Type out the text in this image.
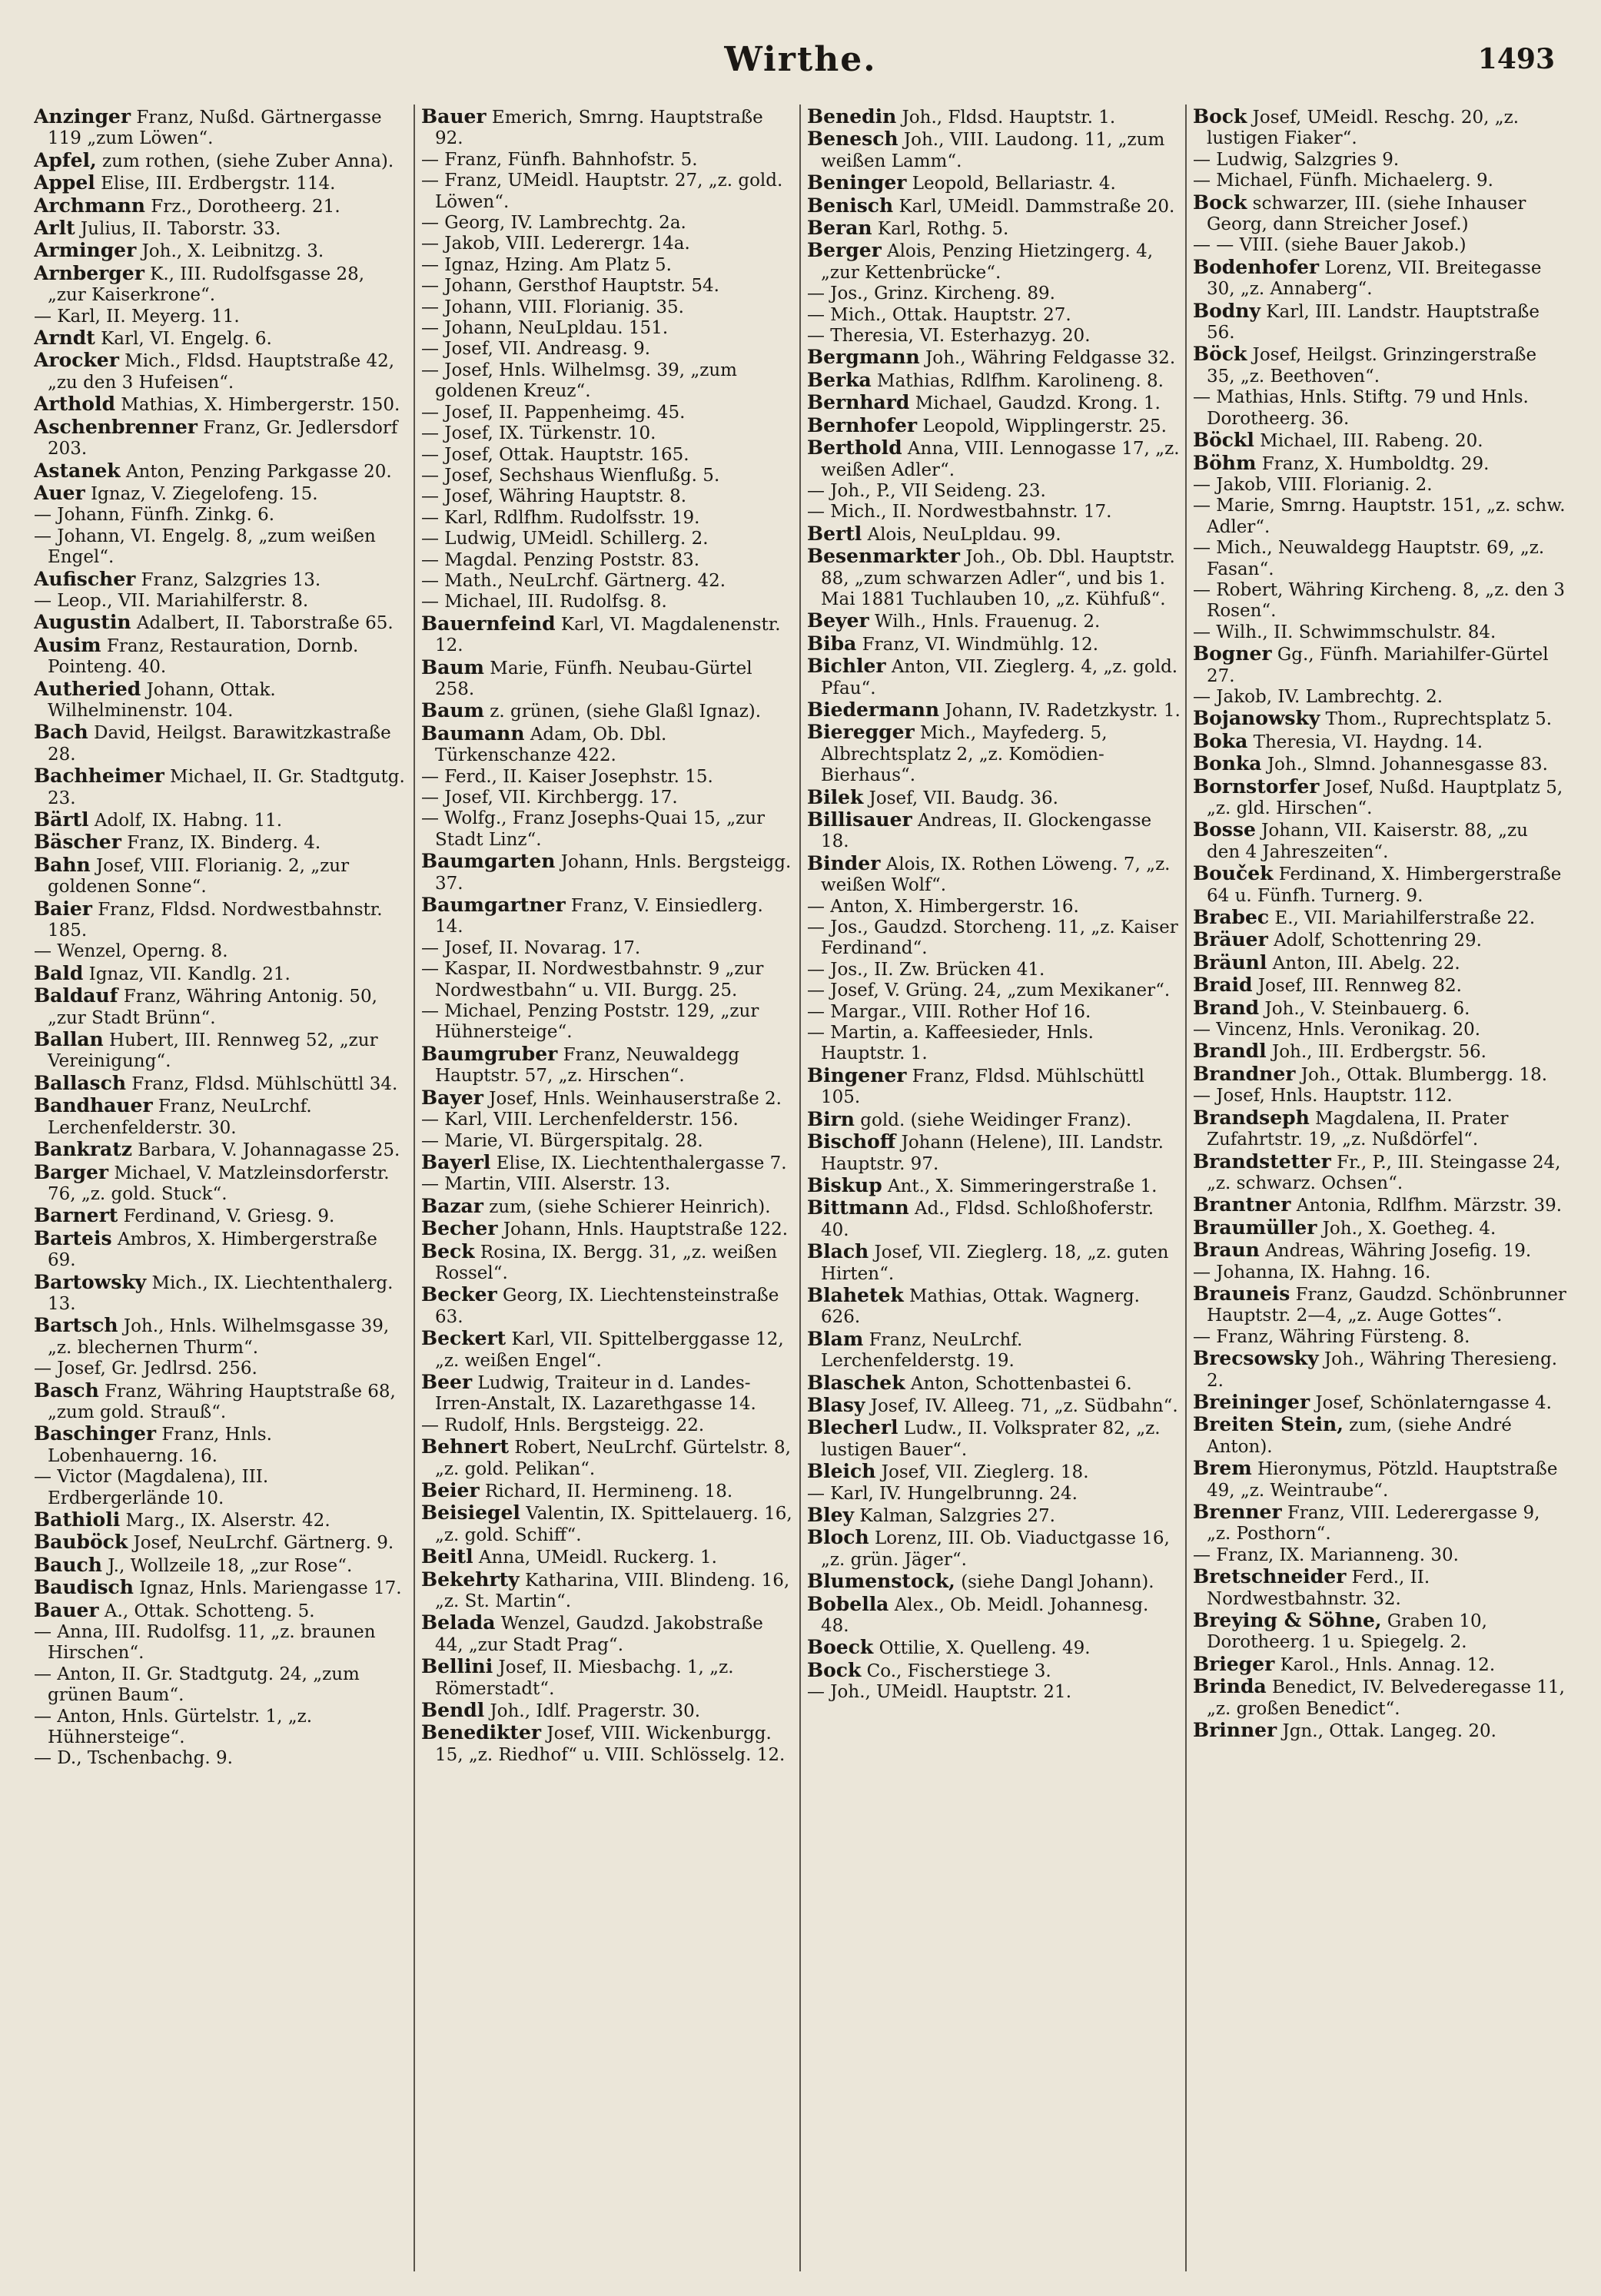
Wirthe.	1493
Anzinger Franz, Nußd. Gärtnergasse 119 „zum Löwen“.
Apfel, zum rothen, (siehe Zuber Anna).
Appel Elise, III. Erdbergstr. 114.
Archmann Frz., Dorotheerg. 21.
Arlt Julius, II. Taborstr. 33.
Arminger Joh., X. Leibnitzg. 3.
Arnberger K., III. Rudolfsgasse 28, „zur Kaiserkrone“.
— Karl, II. Meyerg. 11.
Arndt Karl, VI. Engelg. 6.
Arocker Mich., Fldsd. Hauptstraße 42, „zu den 3 Hufeisen“.
Arthold Mathias, X. Himbergerstr. 150.
Aschenbrenner Franz, Gr. Jedlersdorf 203.
Astanek Anton, Penzing Parkgasse 20.
Auer Ignaz, V. Ziegelofeng. 15.
— Johann, Fünfh. Zinkg. 6.
— Johann, VI. Engelg. 8, „zum weißen Engel“.
Aufischer Franz, Salzgries 13.
— Leop., VII. Mariahilferstr. 8.
Augustin Adalbert, II. Taborstraße 65.
Ausim Franz, Restauration, Dornb. Pointeng. 40.
Autheried Johann, Ottak. Wilhelminenstr. 104.
Bach David, Heilgst. Barawitzkastraße 28.
Bachheimer Michael, II. Gr. Stadtgutg. 23.
Bärtl Adolf, IX. Habng. 11.
Bäscher Franz, IX. Binderg. 4.
Bahn Josef, VIII. Florianig. 2, „zur goldenen Sonne“.
Baier Franz, Fldsd. Nordwestbahnstr. 185.
— Wenzel, Operng. 8.
Bald Ignaz, VII. Kandlg. 21.
Baldauf Franz, Währing Antonig. 50, „zur Stadt Brünn“.
Ballan Hubert, III. Rennweg 52, „zur Vereinigung“.
Ballasch Franz, Fldsd. Mühlschüttl 34.
Bandhauer Franz, NeuLrchf. Lerchenfelderstr. 30.
Bankratz Barbara, V. Johannagasse 25.
Barger Michael, V. Matzleinsdorferstr. 76, „z. gold. Stuck“.
Barnert Ferdinand, V. Griesg. 9.
Barteis Ambros, X. Himbergerstraße 69.
Bartowsky Mich., IX. Liechtenthalerg. 13.
Bartsch Joh., Hnls. Wilhelmsgasse 39, „z. blechernen Thurm“.
— Josef, Gr. Jedlrsd. 256.
Basch Franz, Währing Hauptstraße 68, „zum gold. Strauß“.
Baschinger Franz, Hnls. Lobenhauerng. 16.
— Victor (Magdalena), III. Erdbergerlände 10.
Bathioli Marg., IX. Alserstr. 42.
Bauböck Josef, NeuLrchf. Gärtnerg. 9.
Bauch J., Wollzeile 18, „zur Rose“.
Baudisch Ignaz, Hnls. Mariengasse 17.
Bauer A., Ottak. Schotteng. 5.
— Anna, III. Rudolfsg. 11, „z. braunen Hirschen“.
— Anton, II. Gr. Stadtgutg. 24, „zum grünen Baum“.
— Anton, Hnls. Gürtelstr. 1, „z. Hühnersteige“.
— D., Tschenbachg. 9.
Bauer Emerich, Smrng. Hauptstraße 92.
— Franz, Fünfh. Bahnhofstr. 5.
— Franz, UMeidl. Hauptstr. 27, „z. gold. Löwen“.
— Georg, IV. Lambrechtg. 2a.
— Jakob, VIII. Lederergr. 14a.
— Ignaz, Hzing. Am Platz 5.
— Johann, Gersthof Hauptstr. 54.
— Johann, VIII. Florianig. 35.
— Johann, NeuLpldau. 151.
— Josef, VII. Andreasg. 9.
— Josef, Hnls. Wilhelmsg. 39, „zum goldenen Kreuz“.
— Josef, II. Pappenheimg. 45.
— Josef, IX. Türkenstr. 10.
— Josef, Ottak. Hauptstr. 165.
— Josef, Sechshaus Wienflußg. 5.
— Josef, Währing Hauptstr. 8.
— Karl, Rdlfhm. Rudolfsstr. 19.
— Ludwig, UMeidl. Schillerg. 2.
— Magdal. Penzing Poststr. 83.
— Math., NeuLrchf. Gärtnerg. 42.
— Michael, III. Rudolfsg. 8.
Bauernfeind Karl, VI. Magdalenenstr. 12.
Baum Marie, Fünfh. Neubau-Gürtel 258.
Baum z. grünen, (siehe Glaßl Ignaz).
Baumann Adam, Ob. Dbl. Türkenschanze 422.
— Ferd., II. Kaiser Josephstr. 15.
— Josef, VII. Kirchbergg. 17.
— Wolfg., Franz Josephs-Quai 15, „zur Stadt Linz“.
Baumgarten Johann, Hnls. Bergsteigg. 37.
Baumgartner Franz, V. Einsiedlerg. 14.
— Josef, II. Novarag. 17.
— Kaspar, II. Nordwestbahnstr. 9 „zur Nordwestbahn“ u. VII. Burgg. 25.
— Michael, Penzing Poststr. 129, „zur Hühnersteige“.
Baumgruber Franz, Neuwaldegg Hauptstr. 57, „z. Hirschen“.
Bayer Josef, Hnls. Weinhauserstraße 2.
— Karl, VIII. Lerchenfelderstr. 156.
— Marie, VI. Bürgerspitalg. 28.
Bayerl Elise, IX. Liechtenthalergasse 7.
— Martin, VIII. Alserstr. 13.
Bazar zum, (siehe Schierer Heinrich).
Becher Johann, Hnls. Hauptstraße 122.
Beck Rosina, IX. Bergg. 31, „z. weißen Rossel“.
Becker Georg, IX. Liechtensteinstraße 63.
Beckert Karl, VII. Spittelberggasse 12, „z. weißen Engel“.
Beer Ludwig, Traiteur in d. Landes-Irren-Anstalt, IX. Lazarethgasse 14.
— Rudolf, Hnls. Bergsteigg. 22.
Behnert Robert, NeuLrchf. Gürtelstr. 8, „z. gold. Pelikan“.
Beier Richard, II. Hermineng. 18.
Beisiegel Valentin, IX. Spittelauerg. 16, „z. gold. Schiff“.
Beitl Anna, UMeidl. Ruckerg. 1.
Bekehrty Katharina, VIII. Blindeng. 16, „z. St. Martin“.
Belada Wenzel, Gaudzd. Jakobstraße 44, „zur Stadt Prag“.
Bellini Josef, II. Miesbachg. 1, „z. Römerstadt“.
Bendl Joh., Idlf. Pragerstr. 30.
Benedikter Josef, VIII. Wickenburgg. 15, „z. Riedhof“ u. VIII. Schlösselg. 12.
Benedin Joh., Fldsd. Hauptstr. 1.
Benesch Joh., VIII. Laudong. 11, „zum weißen Lamm“.
Beninger Leopold, Bellariastr. 4.
Benisch Karl, UMeidl. Dammstraße 20.
Beran Karl, Rothg. 5.
Berger Alois, Penzing Hietzingerg. 4, „zur Kettenbrücke“.
— Jos., Grinz. Kircheng. 89.
— Mich., Ottak. Hauptstr. 27.
— Theresia, VI. Esterhazyg. 20.
Bergmann Joh., Währing Feldgasse 32.
Berka Mathias, Rdlfhm. Karolineng. 8.
Bernhard Michael, Gaudzd. Krong. 1.
Bernhofer Leopold, Wipplingerstr. 25.
Berthold Anna, VIII. Lennogasse 17, „z. weißen Adler“.
— Joh., P., VII Seideng. 23.
— Mich., II. Nordwestbahnstr. 17.
Bertl Alois, NeuLpldau. 99.
Besenmarkter Joh., Ob. Dbl. Hauptstr. 88, „zum schwarzen Adler“, und bis 1. Mai 1881 Tuchlauben 10, „z. Kühfuß“.
Beyer Wilh., Hnls. Frauenug. 2.
Biba Franz, VI. Windmühlg. 12.
Bichler Anton, VII. Zieglerg. 4, „z. gold. Pfau“.
Biedermann Johann, IV. Radetzkystr. 1.
Bieregger Mich., Mayfederg. 5, Albrechtsplatz 2, „z. Komödien-Bierhaus“.
Bilek Josef, VII. Baudg. 36.
Billisauer Andreas, II. Glockengasse 18.
Binder Alois, IX. Rothen Löweng. 7, „z. weißen Wolf“.
— Anton, X. Himbergerstr. 16.
— Jos., Gaudzd. Storcheng. 11, „z. Kaiser Ferdinand“.
— Jos., II. Zw. Brücken 41.
— Josef, V. Grüng. 24, „zum Mexikaner“.
— Margar., VIII. Rother Hof 16.
— Martin, a. Kaffeesieder, Hnls. Hauptstr. 1.
Bingener Franz, Fldsd. Mühlschüttl 105.
Birn gold. (siehe Weidinger Franz).
Bischoff Johann (Helene), III. Landstr. Hauptstr. 97.
Biskup Ant., X. Simmeringerstraße 1.
Bittmann Ad., Fldsd. Schloßhoferstr. 40.
Blach Josef, VII. Zieglerg. 18, „z. guten Hirten“.
Blahetek Mathias, Ottak. Wagnerg. 626.
Blam Franz, NeuLrchf. Lerchenfelderstg. 19.
Blaschek Anton, Schottenbastei 6.
Blasy Josef, IV. Alleeg. 71, „z. Südbahn“.
Blecherl Ludw., II. Volksprater 82, „z. lustigen Bauer“.
Bleich Josef, VII. Zieglerg. 18.
— Karl, IV. Hungelbrunng. 24.
Bley Kalman, Salzgries 27.
Bloch Lorenz, III. Ob. Viaductgasse 16, „z. grün. Jäger“.
Blumenstock, (siehe Dangl Johann).
Bobella Alex., Ob. Meidl. Johannesg. 48.
Boeck Ottilie, X. Quelleng. 49.
Bock Co., Fischerstiege 3.
— Joh., UMeidl. Hauptstr. 21.
Bock Josef, UMeidl. Reschg. 20, „z. lustigen Fiaker“.
— Ludwig, Salzgries 9.
— Michael, Fünfh. Michaelerg. 9.
Bock schwarzer, III. (siehe Inhauser Georg, dann Streicher Josef.)
— — VIII. (siehe Bauer Jakob.)
Bodenhofer Lorenz, VII. Breitegasse 30, „z. Annaberg“.
Bodny Karl, III. Landstr. Hauptstraße 56.
Böck Josef, Heilgst. Grinzingerstraße 35, „z. Beethoven“.
— Mathias, Hnls. Stiftg. 79 und Hnls. Dorotheerg. 36.
Böckl Michael, III. Rabeng. 20.
Böhm Franz, X. Humboldtg. 29.
— Jakob, VIII. Florianig. 2.
— Marie, Smrng. Hauptstr. 151, „z. schw. Adler“.
— Mich., Neuwaldegg Hauptstr. 69, „z. Fasan“.
— Robert, Währing Kircheng. 8, „z. den 3 Rosen“.
— Wilh., II. Schwimmschulstr. 84.
Bogner Gg., Fünfh. Mariahilfer-Gürtel 27.
— Jakob, IV. Lambrechtg. 2.
Bojanowsky Thom., Ruprechtsplatz 5.
Boka Theresia, VI. Haydng. 14.
Bonka Joh., Slmnd. Johannesgasse 83.
Bornstorfer Josef, Nußd. Hauptplatz 5, „z. gld. Hirschen“.
Bosse Johann, VII. Kaiserstr. 88, „zu den 4 Jahreszeiten“.
Bouček Ferdinand, X. Himbergerstraße 64 u. Fünfh. Turnerg. 9.
Brabec E., VII. Mariahilferstraße 22.
Bräuer Adolf, Schottenring 29.
Bräunl Anton, III. Abelg. 22.
Braid Josef, III. Rennweg 82.
Brand Joh., V. Steinbauerg. 6.
— Vincenz, Hnls. Veronikag. 20.
Brandl Joh., III. Erdbergstr. 56.
Brandner Joh., Ottak. Blumbergg. 18.
— Josef, Hnls. Hauptstr. 112.
Brandseph Magdalena, II. Prater Zufahrtstr. 19, „z. Nußdörfel“.
Brandstetter Fr., P., III. Steingasse 24, „z. schwarz. Ochsen“.
Brantner Antonia, Rdlfhm. Märzstr. 39.
Braumüller Joh., X. Goetheg. 4.
Braun Andreas, Währing Josefig. 19.
— Johanna, IX. Hahng. 16.
Brauneis Franz, Gaudzd. Schönbrunner Hauptstr. 2—4, „z. Auge Gottes“.
— Franz, Währing Fürsteng. 8.
Brecsowsky Joh., Währing Theresieng. 2.
Breininger Josef, Schönlaterngasse 4.
Breiten Stein, zum, (siehe André Anton).
Brem Hieronymus, Pötzld. Hauptstraße 49, „z. Weintraube“.
Brenner Franz, VIII. Lederergasse 9, „z. Posthorn“.
— Franz, IX. Marianneng. 30.
Bretschneider Ferd., II. Nordwestbahnstr. 32.
Breying & Söhne, Graben 10, Dorotheerg. 1 u. Spiegelg. 2.
Brieger Karol., Hnls. Annag. 12.
Brinda Benedict, IV. Belvederegasse 11, „z. großen Benedict“.
Brinner Jgn., Ottak. Langeg. 20.
